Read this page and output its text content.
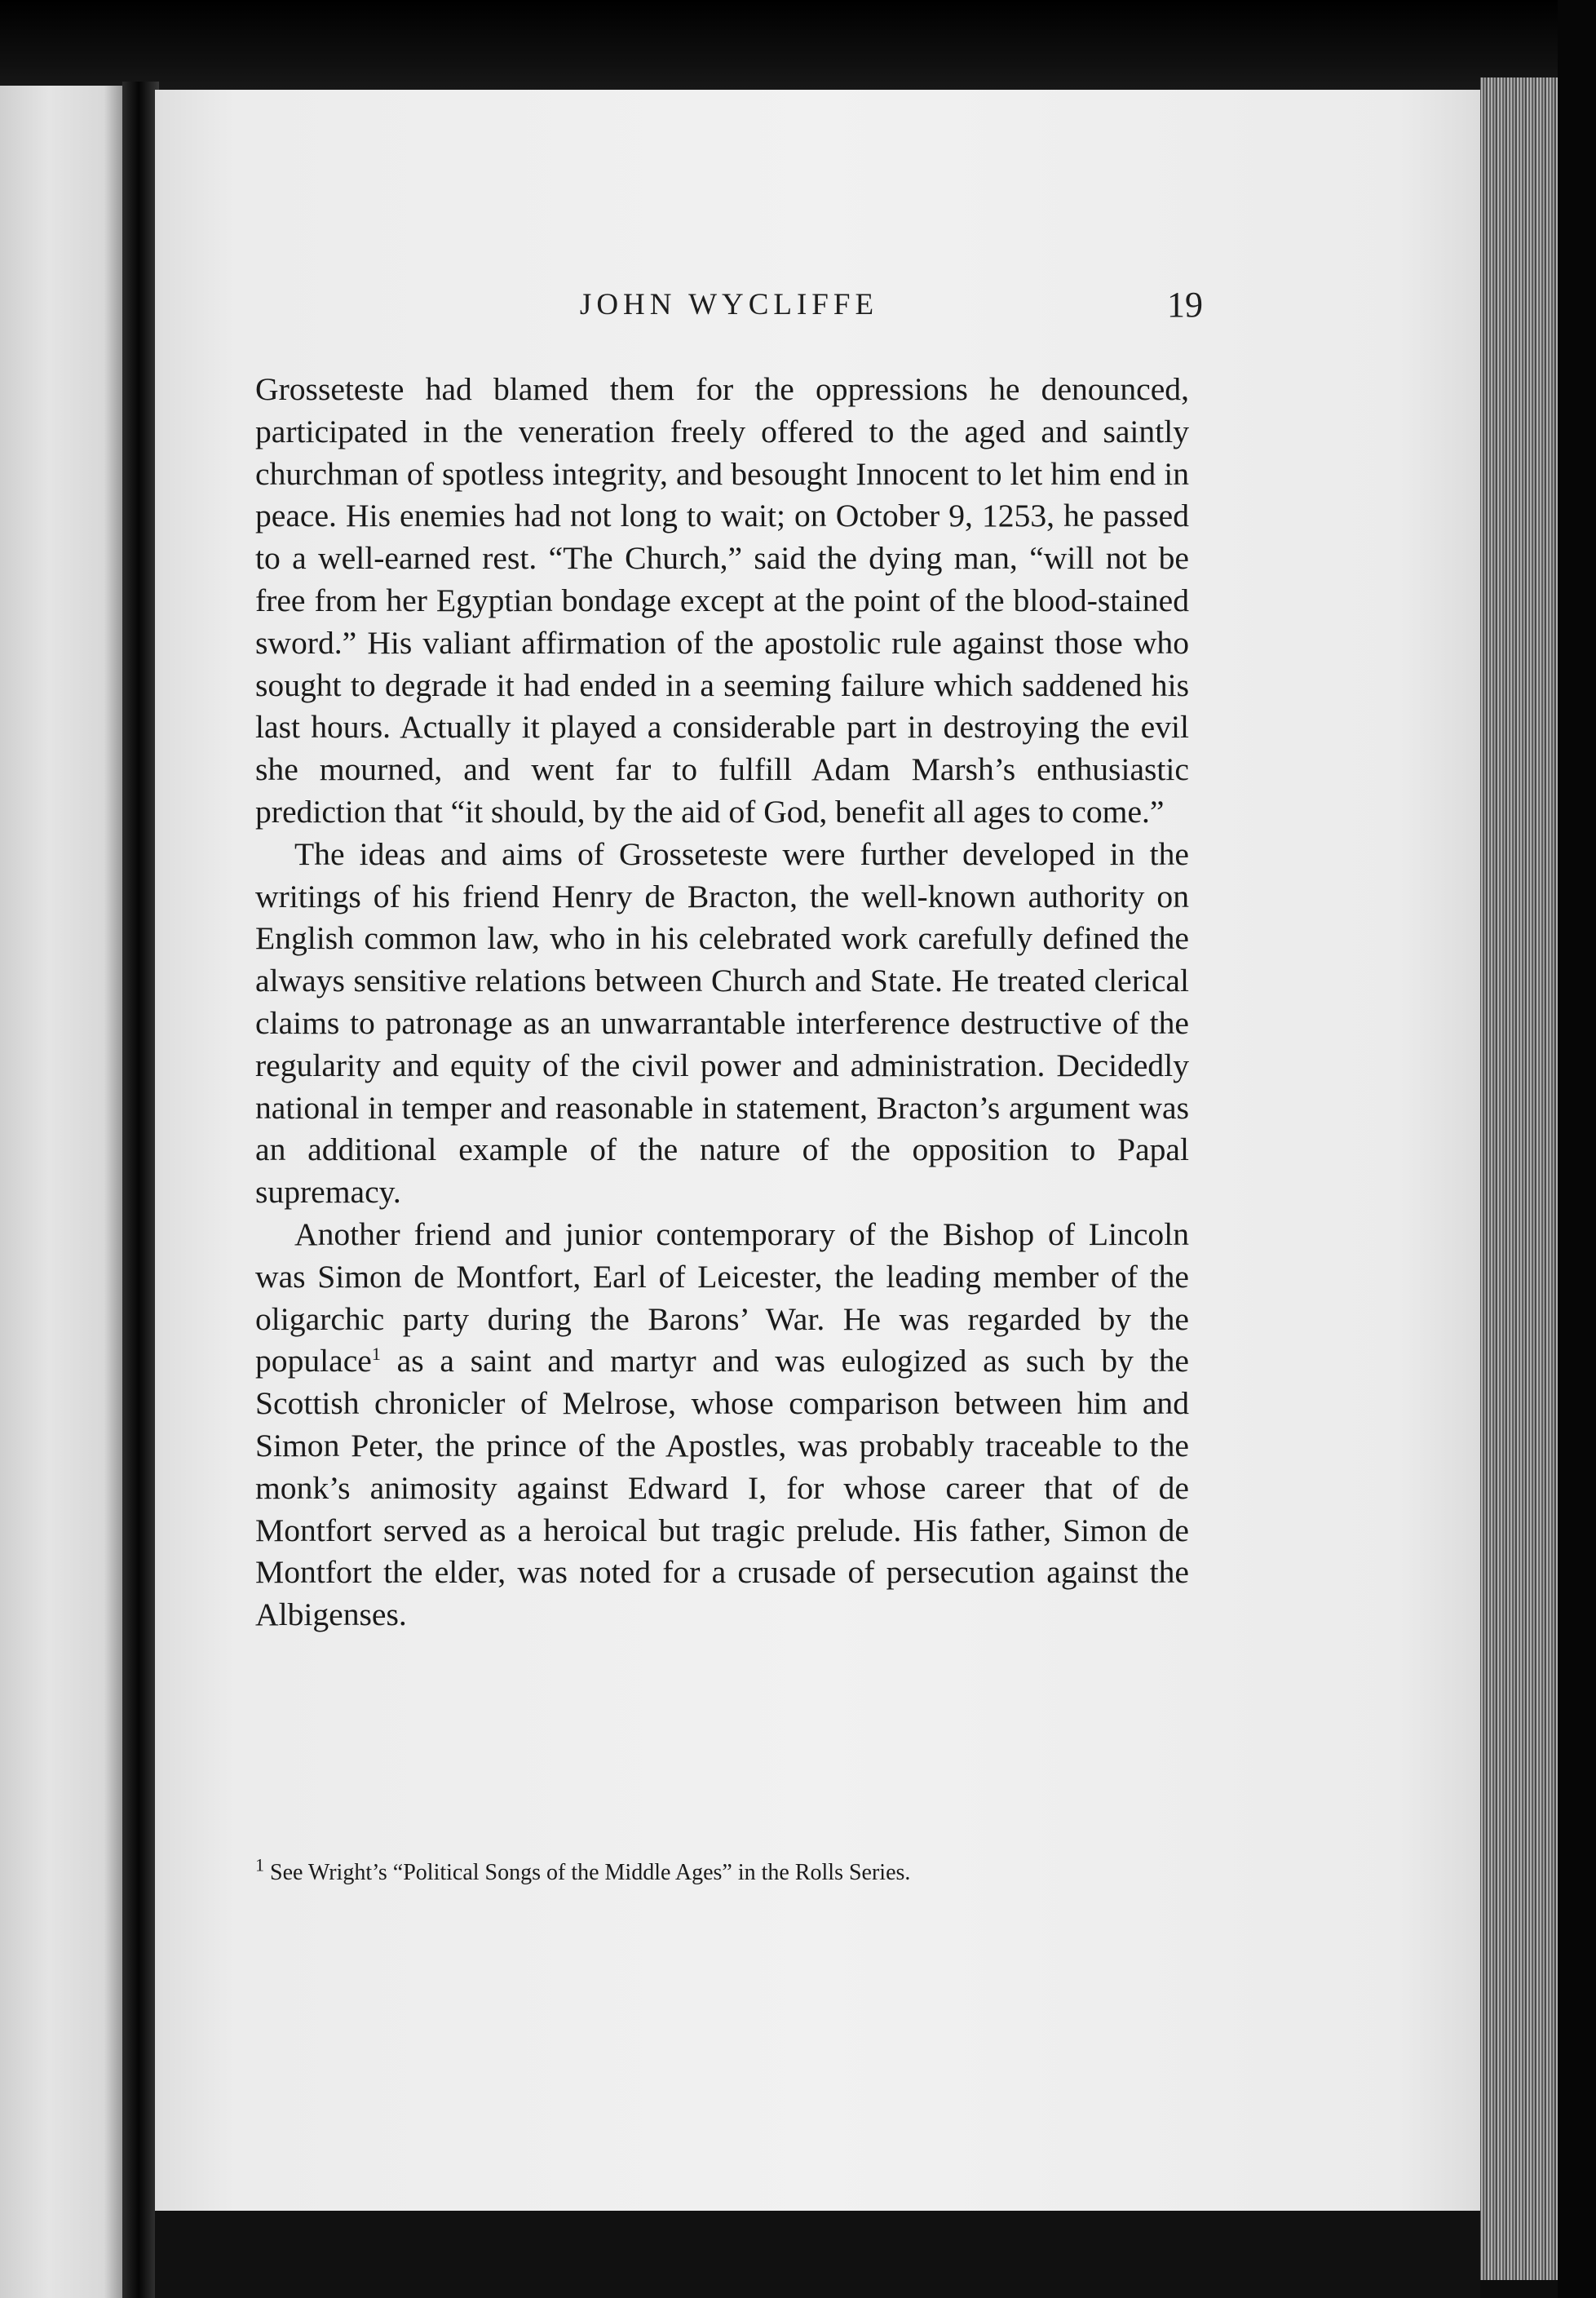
JOHN WYCLIFFE	19

Grosseteste had blamed them for the oppressions he denounced, participated in the veneration freely offered to the aged and saintly churchman of spotless integrity, and besought Innocent to let him end in peace. His enemies had not long to wait; on October 9, 1253, he passed to a well-earned rest. “The Church,” said the dying man, “will not be free from her Egyptian bondage except at the point of the blood-stained sword.” His valiant affirmation of the apostolic rule against those who sought to degrade it had ended in a seeming failure which saddened his last hours. Actually it played a considerable part in destroying the evil she mourned, and went far to fulfill Adam Marsh’s enthusiastic prediction that “it should, by the aid of God, benefit all ages to come.”

The ideas and aims of Grosseteste were further developed in the writings of his friend Henry de Bracton, the well-known authority on English common law, who in his celebrated work carefully defined the always sensitive relations between Church and State. He treated clerical claims to patronage as an unwarrantable interference destructive of the regularity and equity of the civil power and administration. Decidedly national in temper and reasonable in statement, Bracton’s argument was an additional example of the nature of the opposition to Papal supremacy.

Another friend and junior contemporary of the Bishop of Lincoln was Simon de Montfort, Earl of Leicester, the leading member of the oligarchic party during the Barons’ War. He was regarded by the populace$^1$ as a saint and martyr and was eulogized as such by the Scottish chronicler of Melrose, whose comparison between him and Simon Peter, the prince of the Apostles, was probably traceable to the monk’s animosity against Edward I, for whose career that of de Montfort served as a heroical but tragic prelude. His father, Simon de Montfort the elder, was noted for a crusade of persecution against the Albigenses.

$^1$ See Wright’s “Political Songs of the Middle Ages” in the Rolls Series.
